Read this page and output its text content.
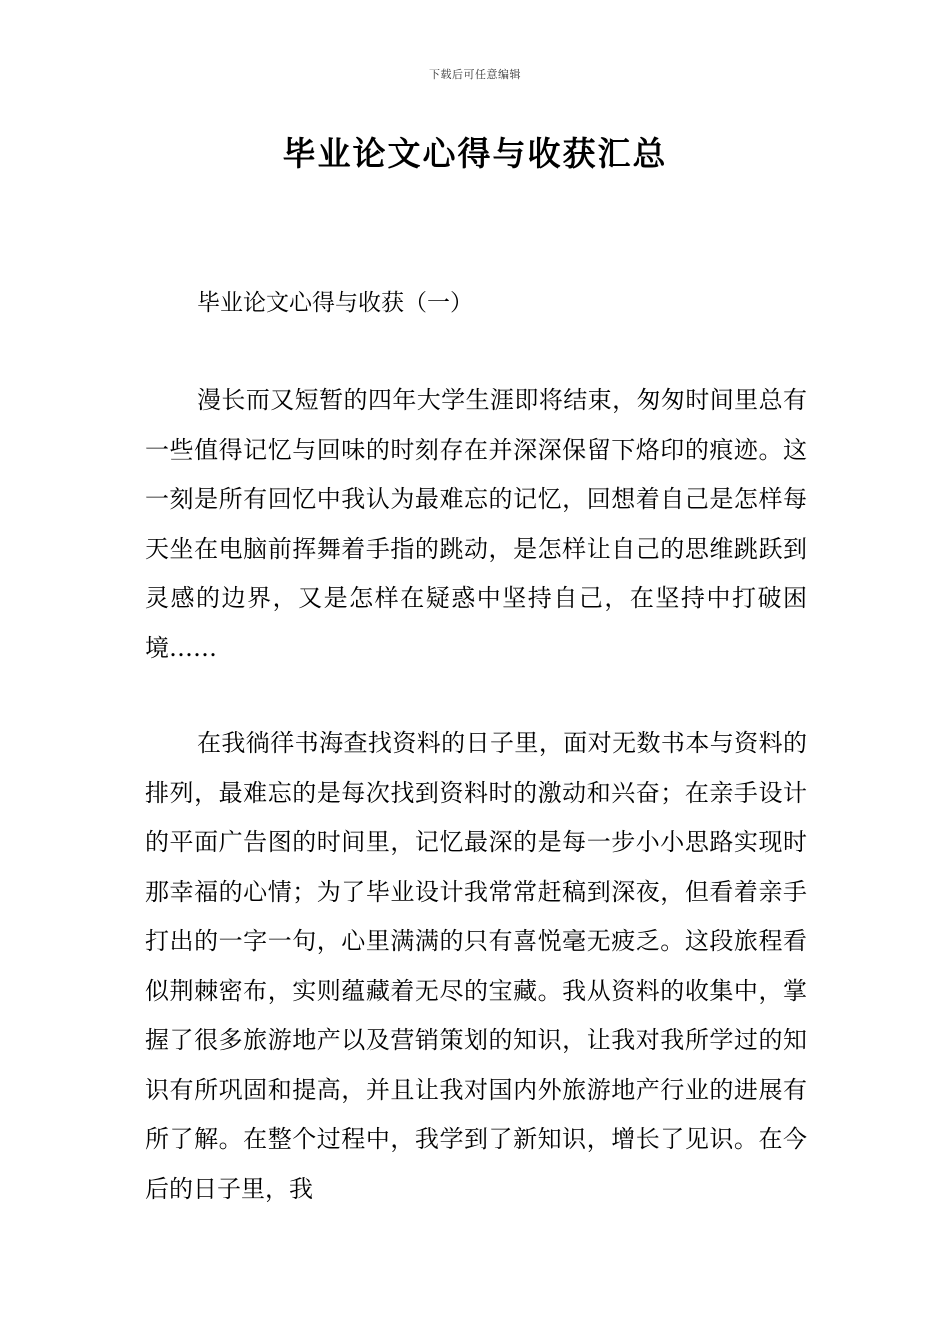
下载后可任意编辑
毕业论文心得与收获汇总
毕业论文心得与收获（一）

漫长而又短暂的四年大学生涯即将结束，匆匆时间里总有一些值得记忆与回味的时刻存在并深深保留下烙印的痕迹。这一刻是所有回忆中我认为最难忘的记忆，回想着自己是怎样每天坐在电脑前挥舞着手指的跳动，是怎样让自己的思维跳跃到灵感的边界，又是怎样在疑惑中坚持自己，在坚持中打破困境……

在我徜徉书海查找资料的日子里，面对无数书本与资料的排列，最难忘的是每次找到资料时的激动和兴奋；在亲手设计的平面广告图的时间里，记忆最深的是每一步小小思路实现时那幸福的心情；为了毕业设计我常常赶稿到深夜，但看着亲手打出的一字一句，心里满满的只有喜悦毫无疲乏。这段旅程看似荆棘密布，实则蕴藏着无尽的宝藏。我从资料的收集中，掌握了很多旅游地产以及营销策划的知识，让我对我所学过的知识有所巩固和提高，并且让我对国内外旅游地产行业的进展有所了解。在整个过程中，我学到了新知识，增长了见识。在今后的日子里，我
